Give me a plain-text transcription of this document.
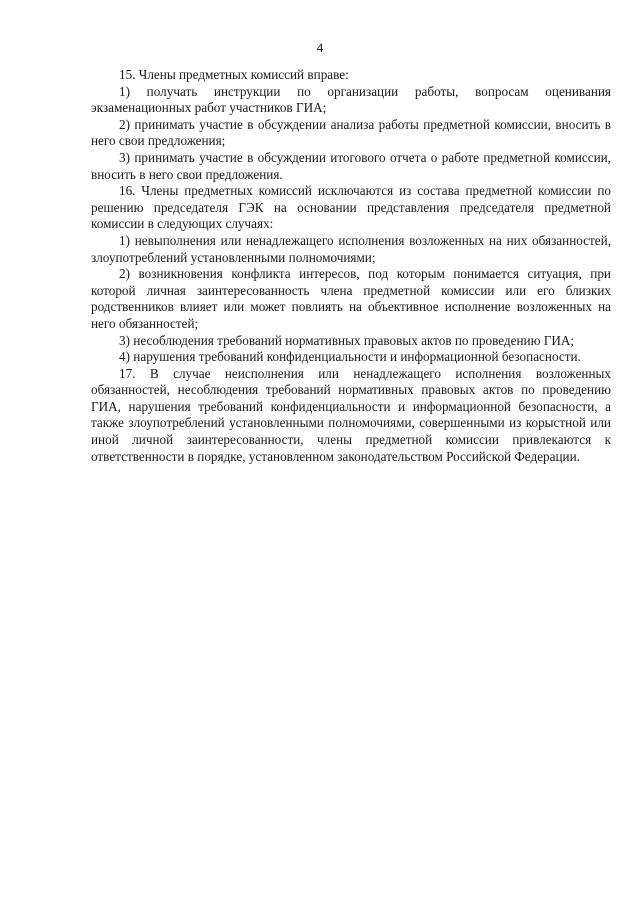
4

15. Члены предметных комиссий вправе:

1) получать инструкции по организации работы, вопросам оценивания экзаменационных работ участников ГИА;

2) принимать участие в обсуждении анализа работы предметной комиссии, вносить в него свои предложения;

3) принимать участие в обсуждении итогового отчета о работе предметной комиссии, вносить в него свои предложения.

16. Члены предметных комиссий исключаются из состава предметной комиссии по решению председателя ГЭК на основании представления председателя предметной комиссии в следующих случаях:

1) невыполнения или ненадлежащего исполнения возложенных на них обязанностей, злоупотреблений установленными полномочиями;

2) возникновения конфликта интересов, под которым понимается ситуация, при которой личная заинтересованность члена предметной комиссии или его близких родственников влияет или может повлиять на объективное исполнение возложенных на него обязанностей;

3) несоблюдения требований нормативных правовых актов по проведению ГИА;

4) нарушения требований конфиденциальности и информационной безопасности.

17. В случае неисполнения или ненадлежащего исполнения возложенных обязанностей, несоблюдения требований нормативных правовых актов по проведению ГИА, нарушения требований конфиденциальности и информационной безопасности, а также злоупотреблений установленными полномочиями, совершенными из корыстной или иной личной заинтересованности, члены предметной комиссии привлекаются к ответственности в порядке, установленном законодательством Российской Федерации.
